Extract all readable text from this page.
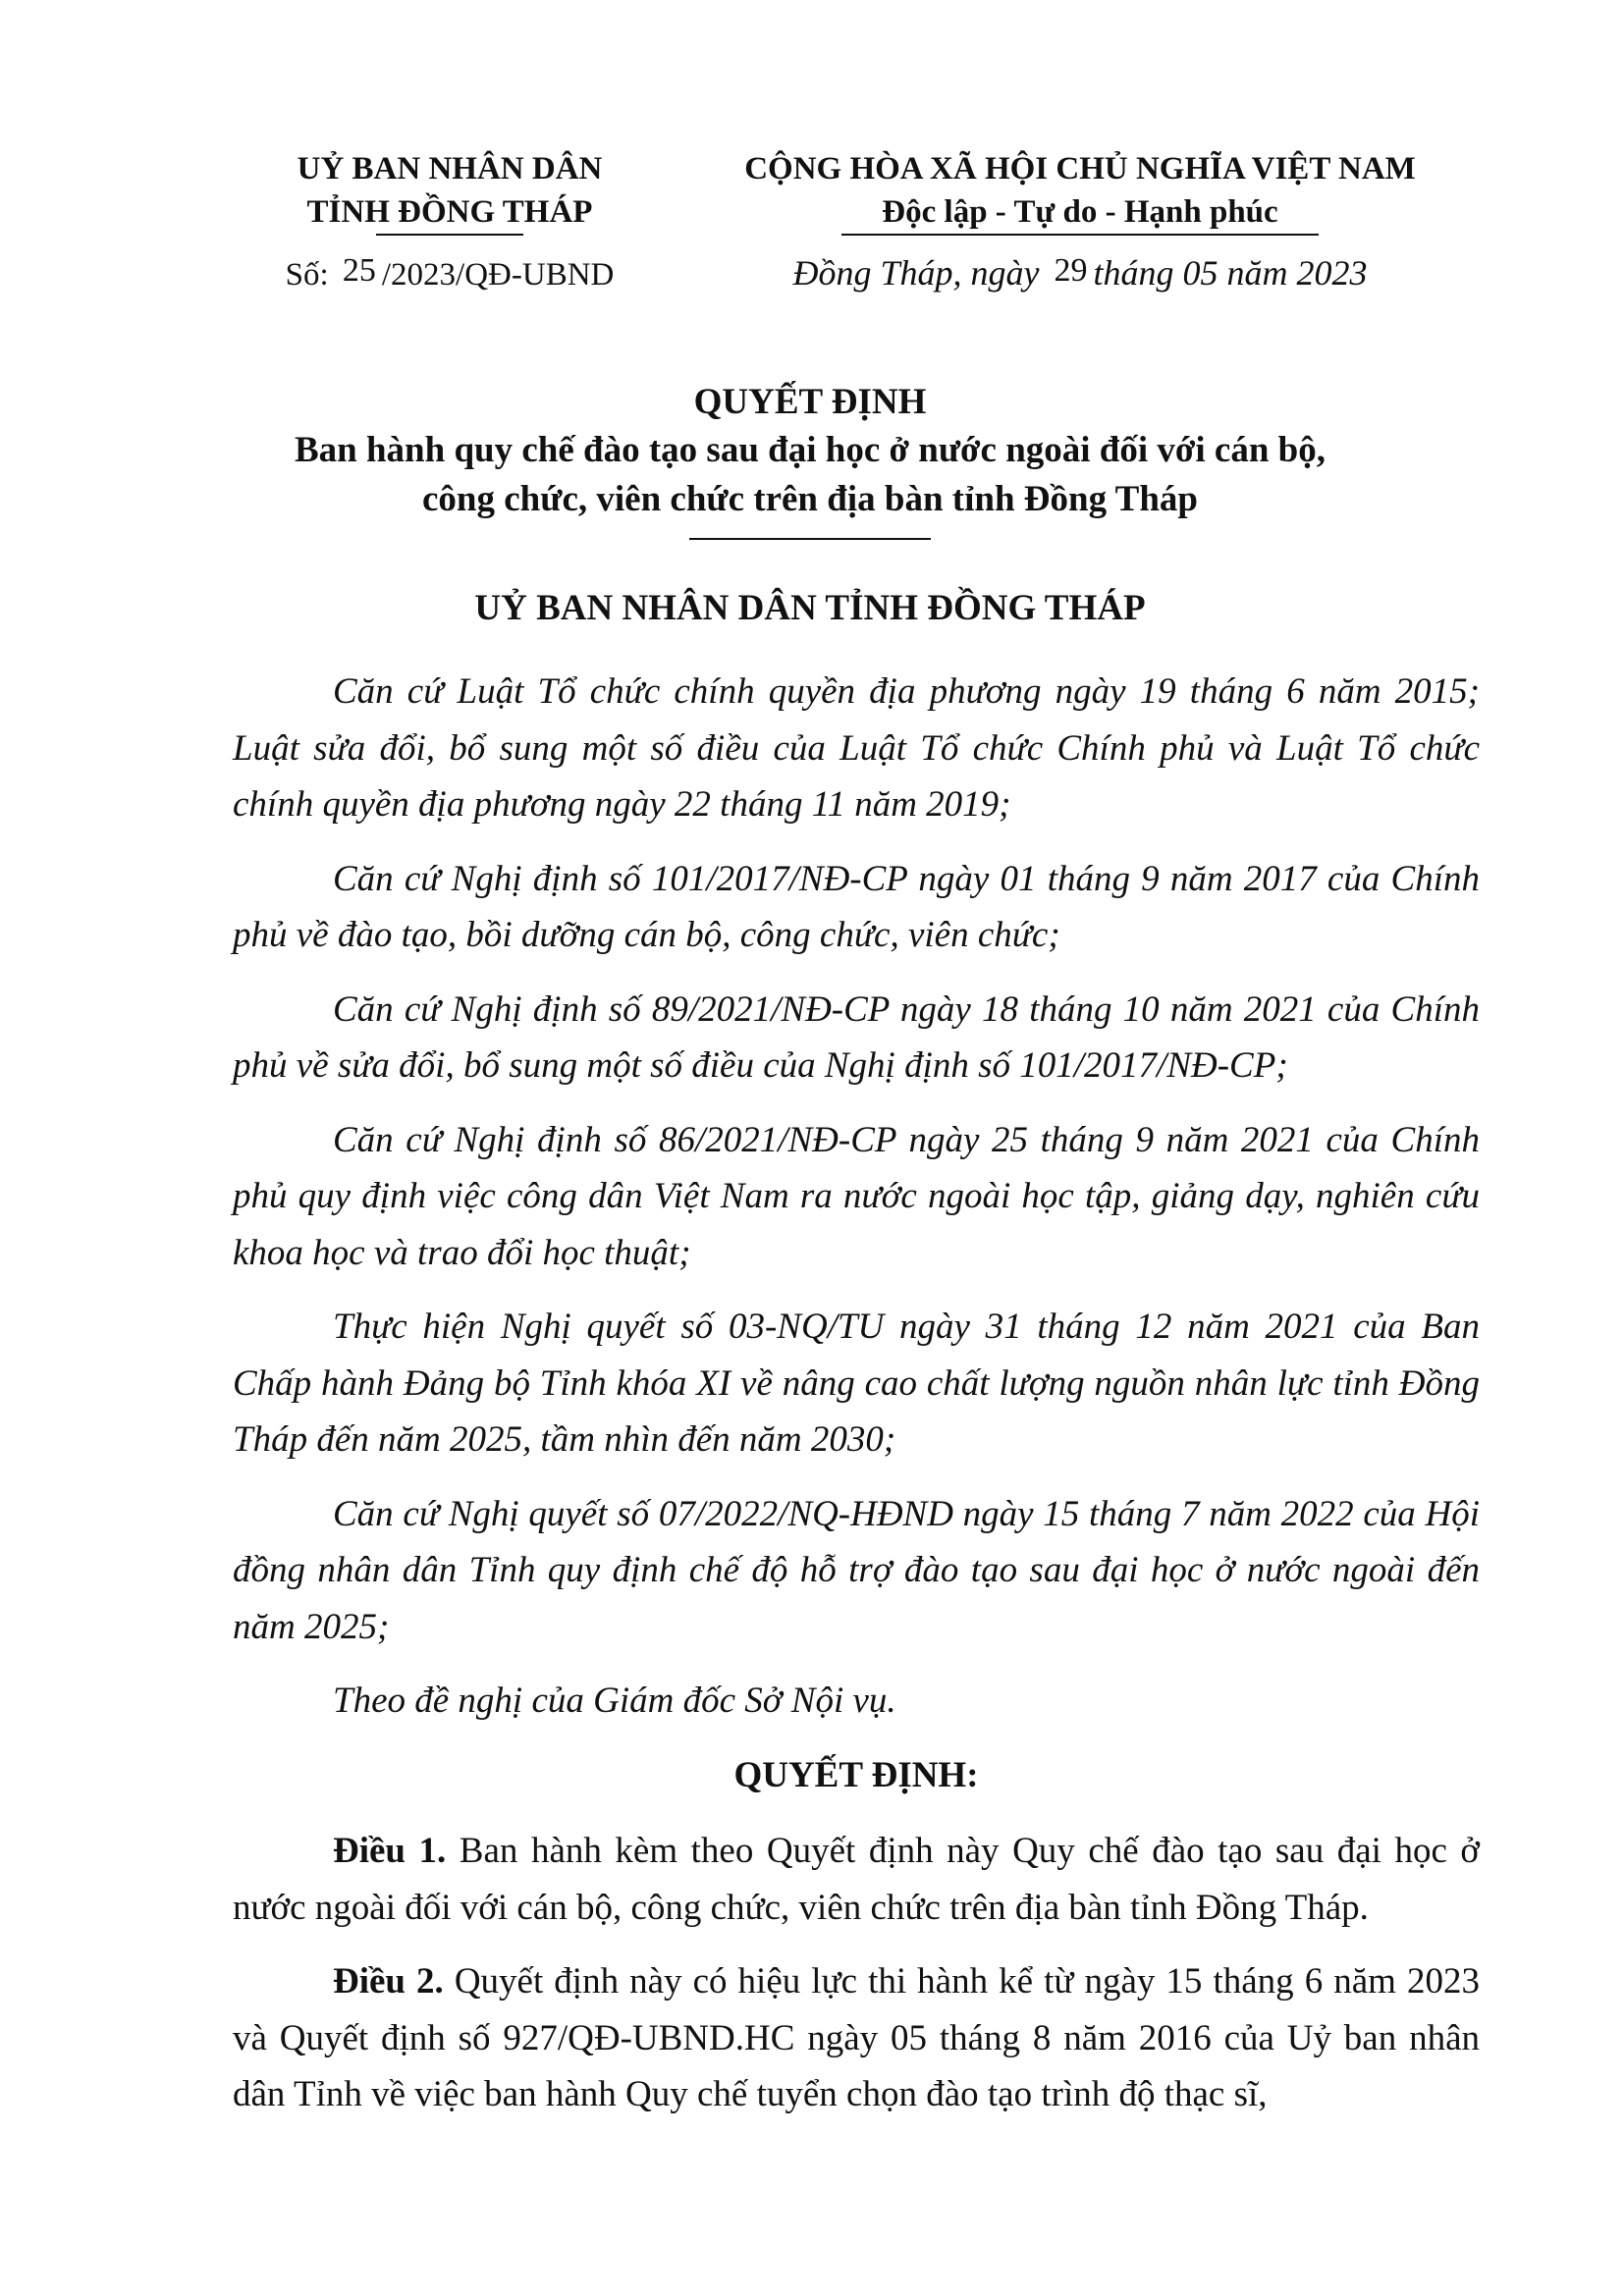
UỶ BAN NHÂN DÂN
TỈNH ĐỒNG THÁP
Số: 25 /2023/QĐ-UBND
CỘNG HÒA XÃ HỘI CHỦ NGHĨA VIỆT NAM
Độc lập - Tự do - Hạnh phúc
Đồng Tháp, ngày 29 tháng 05 năm 2023
QUYẾT ĐỊNH
Ban hành quy chế đào tạo sau đại học ở nước ngoài đối với cán bộ,
công chức, viên chức trên địa bàn tỉnh Đồng Tháp
UỶ BAN NHÂN DÂN TỈNH ĐỒNG THÁP

Căn cứ Luật Tổ chức chính quyền địa phương ngày 19 tháng 6 năm 2015; Luật sửa đổi, bổ sung một số điều của Luật Tổ chức Chính phủ và Luật Tổ chức chính quyền địa phương ngày 22 tháng 11 năm 2019;

Căn cứ Nghị định số 101/2017/NĐ-CP ngày 01 tháng 9 năm 2017 của Chính phủ về đào tạo, bồi dưỡng cán bộ, công chức, viên chức;

Căn cứ Nghị định số 89/2021/NĐ-CP ngày 18 tháng 10 năm 2021 của Chính phủ về sửa đổi, bổ sung một số điều của Nghị định số 101/2017/NĐ-CP;

Căn cứ Nghị định số 86/2021/NĐ-CP ngày 25 tháng 9 năm 2021 của Chính phủ quy định việc công dân Việt Nam ra nước ngoài học tập, giảng dạy, nghiên cứu khoa học và trao đổi học thuật;

Thực hiện Nghị quyết số 03-NQ/TU ngày 31 tháng 12 năm 2021 của Ban Chấp hành Đảng bộ Tỉnh khóa XI về nâng cao chất lượng nguồn nhân lực tỉnh Đồng Tháp đến năm 2025, tầm nhìn đến năm 2030;

Căn cứ Nghị quyết số 07/2022/NQ-HĐND ngày 15 tháng 7 năm 2022 của Hội đồng nhân dân Tỉnh quy định chế độ hỗ trợ đào tạo sau đại học ở nước ngoài đến năm 2025;

Theo đề nghị của Giám đốc Sở Nội vụ.

QUYẾT ĐỊNH:

Điều 1. Ban hành kèm theo Quyết định này Quy chế đào tạo sau đại học ở nước ngoài đối với cán bộ, công chức, viên chức trên địa bàn tỉnh Đồng Tháp.

Điều 2. Quyết định này có hiệu lực thi hành kể từ ngày 15 tháng 6 năm 2023 và Quyết định số 927/QĐ-UBND.HC ngày 05 tháng 8 năm 2016 của Uỷ ban nhân dân Tỉnh về việc ban hành Quy chế tuyển chọn đào tạo trình độ thạc sĩ,
